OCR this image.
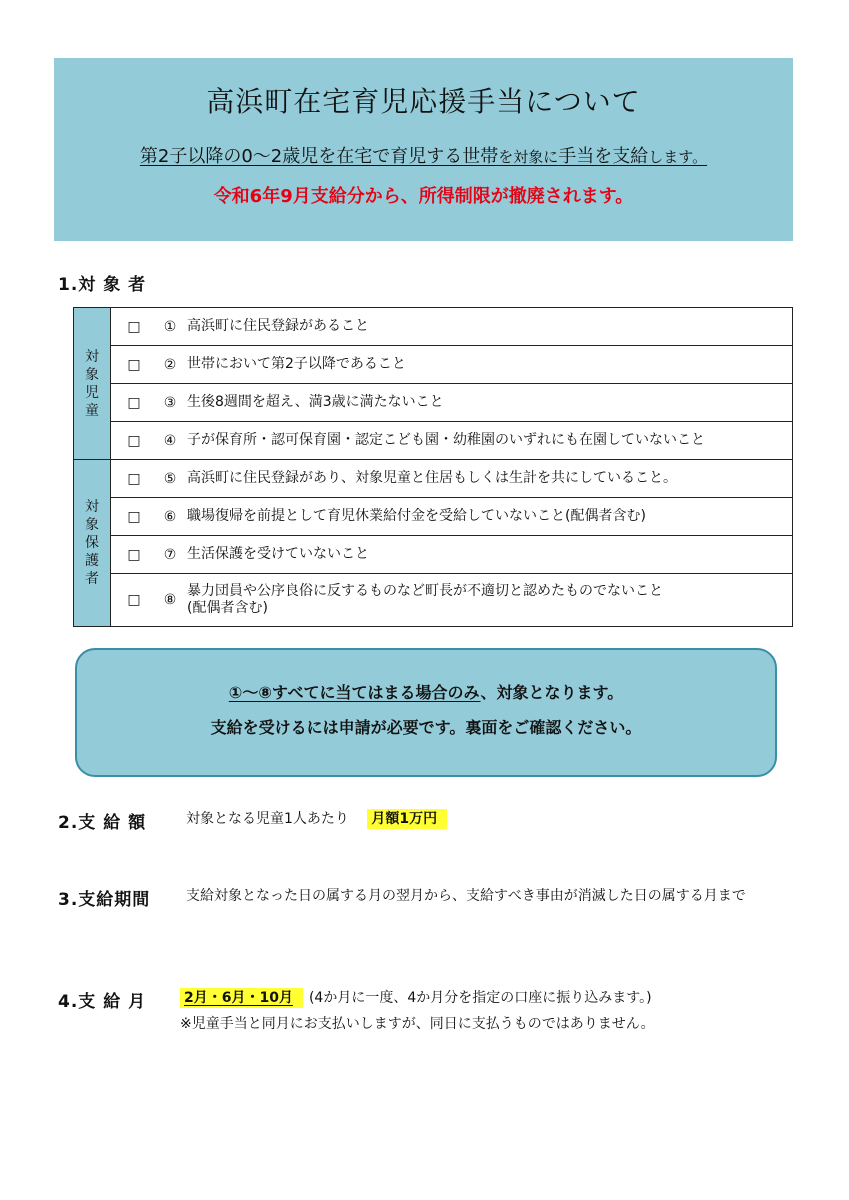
高浜町在宅育児応援手当について
第2子以降の0～2歳児を在宅で育児する世帯を対象に手当を支給します。
令和6年9月支給分から、所得制限が撤廃されます。
1.対 象 者
対
象
児
童	□ ① 高浜町に住民登録があること

	□ ② 世帯において第2子以降であること

	□ ③ 生後8週間を超え、満3歳に満たないこと

	□ ④ 子が保育所・認可保育園・認定こども園・幼稚園のいずれにも在園していないこと

対
象
保
護
者	□ ⑤ 高浜町に住民登録があり、対象児童と住居もしくは生計を共にしていること。

	□ ⑥ 職場復帰を前提として育児休業給付金を受給していないこと(配偶者含む)

	□ ⑦ 生活保護を受けていないこと

	□ ⑧
暴力団員や公序良俗に反するものなど町長が不適切と認めたものでないこと
(配偶者含む)
①～⑧すべてに当てはまる場合のみ、対象となります。
支給を受けるには申請が必要です。裏面をご確認ください。
2.支 給 額	対象となる児童1人あたり 月額1万円
3.支給期間	支給対象となった日の属する月の翌月から、支給すべき事由が消滅した日の属する月まで
4.支 給 月	2月・6月・10月 (4か月に一度、4か月分を指定の口座に振り込みます。)
※児童手当と同月にお支払いしますが、同日に支払うものではありません。
